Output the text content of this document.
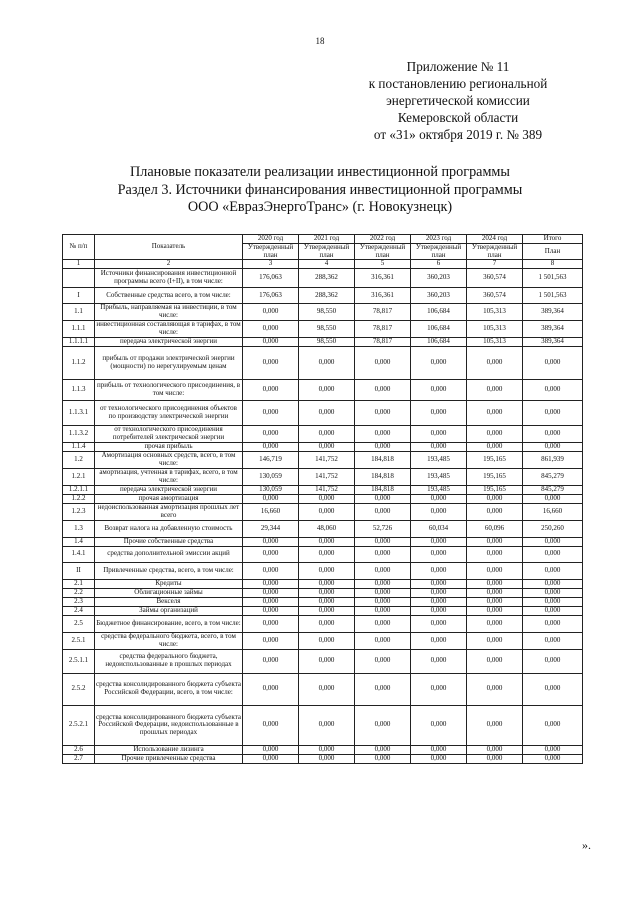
18
Приложение № 11
к постановлению региональной
энергетической комиссии
Кемеровской области
от «31» октября 2019 г. № 389
Плановые показатели реализации инвестиционной программы
Раздел 3. Источники финансирования инвестиционной программы
ООО «ЕвразЭнергоТранс» (г. Новокузнецк)
№ п/п	Показатель	2020 год	2021 год	2022 год	2023 год	2024 год	Итого
		Утвержденный план	Утвержденный план	Утвержденный план	Утвержденный план	Утвержденный план	План
1	2	3	4	5	6	7	8
	Источники финансирования инвестиционной программы всего (I+II), в том числе:	176,063	288,362	316,361	360,203	360,574	1 501,563
I	Собственные средства всего, в том числе:	176,063	288,362	316,361	360,203	360,574	1 501,563
1.1	Прибыль, направляемая на инвестиции, в том числе:	0,000	98,550	78,817	106,684	105,313	389,364
1.1.1	инвестиционная составляющая в тарифах, в том числе:	0,000	98,550	78,817	106,684	105,313	389,364
1.1.1.1	передача электрической энергии	0,000	98,550	78,817	106,684	105,313	389,364
1.1.2	прибыль от продажи электрической энергии (мощности) по нерегулируемым ценам	0,000	0,000	0,000	0,000	0,000	0,000
1.1.3	прибыль от технологического присоединения, в том числе:	0,000	0,000	0,000	0,000	0,000	0,000
1.1.3.1	от технологического присоединения объектов по производству электрической энергии	0,000	0,000	0,000	0,000	0,000	0,000
1.1.3.2	от технологического присоединения потребителей электрической энергии	0,000	0,000	0,000	0,000	0,000	0,000
1.1.4	прочая прибыль	0,000	0,000	0,000	0,000	0,000	0,000
1.2	Амортизация основных средств, всего, в том числе:	146,719	141,752	184,818	193,485	195,165	861,939
1.2.1	амортизация, учтенная в тарифах, всего, в том числе:	130,059	141,752	184,818	193,485	195,165	845,279
1.2.1.1	передача электрической энергии	130,059	141,752	184,818	193,485	195,165	845,279
1.2.2	прочая амортизация	0,000	0,000	0,000	0,000	0,000	0,000
1.2.3	недоиспользованная амортизация прошлых лет всего	16,660	0,000	0,000	0,000	0,000	16,660
1.3	Возврат налога на добавленную стоимость	29,344	48,060	52,726	60,034	60,096	250,260
1.4	Прочие собственные средства	0,000	0,000	0,000	0,000	0,000	0,000
1.4.1	средства дополнительной эмиссии акций	0,000	0,000	0,000	0,000	0,000	0,000
II	Привлеченные средства, всего, в том числе:	0,000	0,000	0,000	0,000	0,000	0,000
2.1	Кредиты	0,000	0,000	0,000	0,000	0,000	0,000
2.2	Облигационные займы	0,000	0,000	0,000	0,000	0,000	0,000
2.3	Векселя	0,000	0,000	0,000	0,000	0,000	0,000
2.4	Займы организаций	0,000	0,000	0,000	0,000	0,000	0,000
2.5	Бюджетное финансирование, всего, в том числе:	0,000	0,000	0,000	0,000	0,000	0,000
2.5.1	средства федерального бюджета, всего, в том числе:	0,000	0,000	0,000	0,000	0,000	0,000
2.5.1.1	средства федерального бюджета, недоиспользованные в прошлых периодах	0,000	0,000	0,000	0,000	0,000	0,000
2.5.2	средства консолидированного бюджета субъекта Российской Федерации, всего, в том числе:	0,000	0,000	0,000	0,000	0,000	0,000
2.5.2.1	средства консолидированного бюджета субъекта Российской Федерации, недоиспользованные в прошлых периодах	0,000	0,000	0,000	0,000	0,000	0,000
2.6	Использование лизинга	0,000	0,000	0,000	0,000	0,000	0,000
2.7	Прочие привлеченные средства	0,000	0,000	0,000	0,000	0,000	0,000
».
